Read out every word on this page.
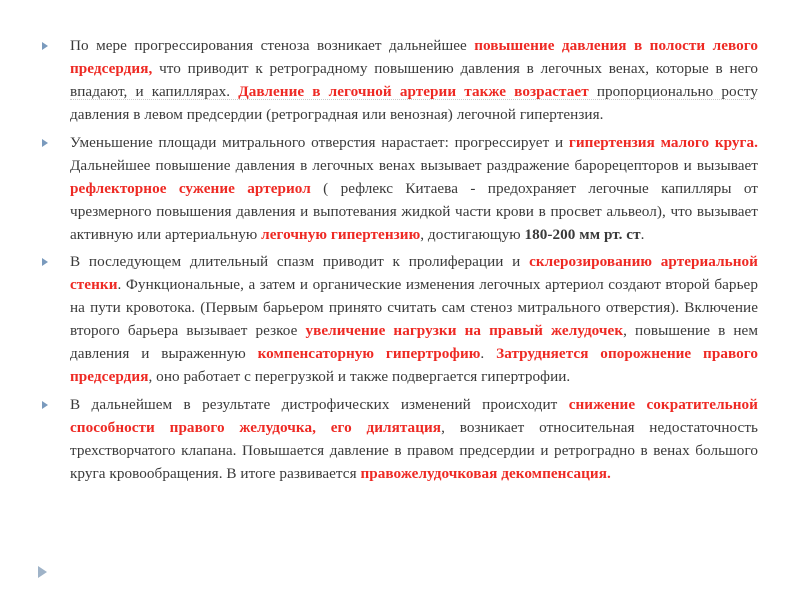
По мере прогрессирования стеноза возникает дальнейшее повышение давления в полости левого предсердия, что приводит к ретроградному повышению давления в легочных венах, которые в него впадают, и капиллярах. Давление в легочной артерии также возрастает пропорционально росту давления в левом предсердии (ретроградная или венозная) легочной гипертензия.

Уменьшение площади митрального отверстия нарастает: прогрессирует и гипертензия малого круга. Дальнейшее повышение давления в легочных венах вызывает раздражение барорецепторов и вызывает рефлекторное сужение артериол ( рефлекс Китаева - предохраняет легочные капилляры от чрезмерного повышения давления и выпотевания жидкой части крови в просвет альвеол), что вызывает активную или артериальную легочную гипертензию, достигающую 180-200 мм рт. ст.

В последующем длительный спазм приводит к пролиферации и склерозированию артериальной стенки. Функциональные, а затем и органические изменения легочных артериол создают второй барьер на пути кровотока. (Первым барьером принято считать сам стеноз митрального отверстия). Включение второго барьера вызывает резкое увеличение нагрузки на правый желудочек, повышение в нем давления и выраженную компенсаторную гипертрофию. Затрудняется опорожнение правого предсердия, оно работает с перегрузкой и также подвергается гипертрофии.

В дальнейшем в результате дистрофических изменений происходит снижение сократительной способности правого желудочка, его дилятация, возникает относительная недостаточность трехстворчатого клапана. Повышается давление в правом предсердии и ретроградно в венах большого круга кровообращения. В итоге развивается правожелудочковая декомпенсация.
